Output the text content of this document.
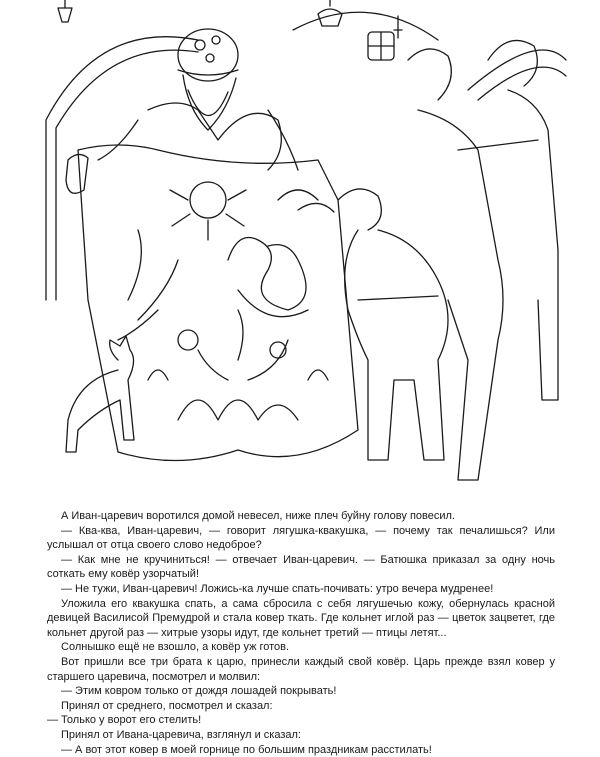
А Иван-царевич воротился домой невесел, ниже плеч буйну голову повесил.

— Ква-ква, Иван-царевич, — говорит лягушка-квакушка, — почему так печалишься? Или услышал от отца своего слово недоброе?

— Как мне не кручиниться! — отвечает Иван-царевич. — Батюшка приказал за одну ночь соткать ему ковёр узорчатый!

— Не тужи, Иван-царевич! Ложись-ка лучше спать-почивать: утро вечера мудренее!

Уложила его квакушка спать, а сама сбросила с себя лягушечью кожу, обернулась красной девицей Василисой Премудрой и стала ковер ткать. Где кольнет иглой раз — цветок зацветет, где кольнет другой раз — хитрые узоры идут, где кольнет третий — птицы летят...

Солнышко ещё не взошло, а ковёр уж готов.

Вот пришли все три брата к царю, принесли каждый свой ковёр. Царь прежде взял ковер у старшего царевича, посмотрел и молвил:

— Этим ковром только от дождя лошадей покрывать!

Принял от среднего, посмотрел и сказал:

— Только у ворот его стелить!

Принял от Ивана-царевича, взглянул и сказал:

— А вот этот ковер в моей горнице по большим праздникам расстилать!
